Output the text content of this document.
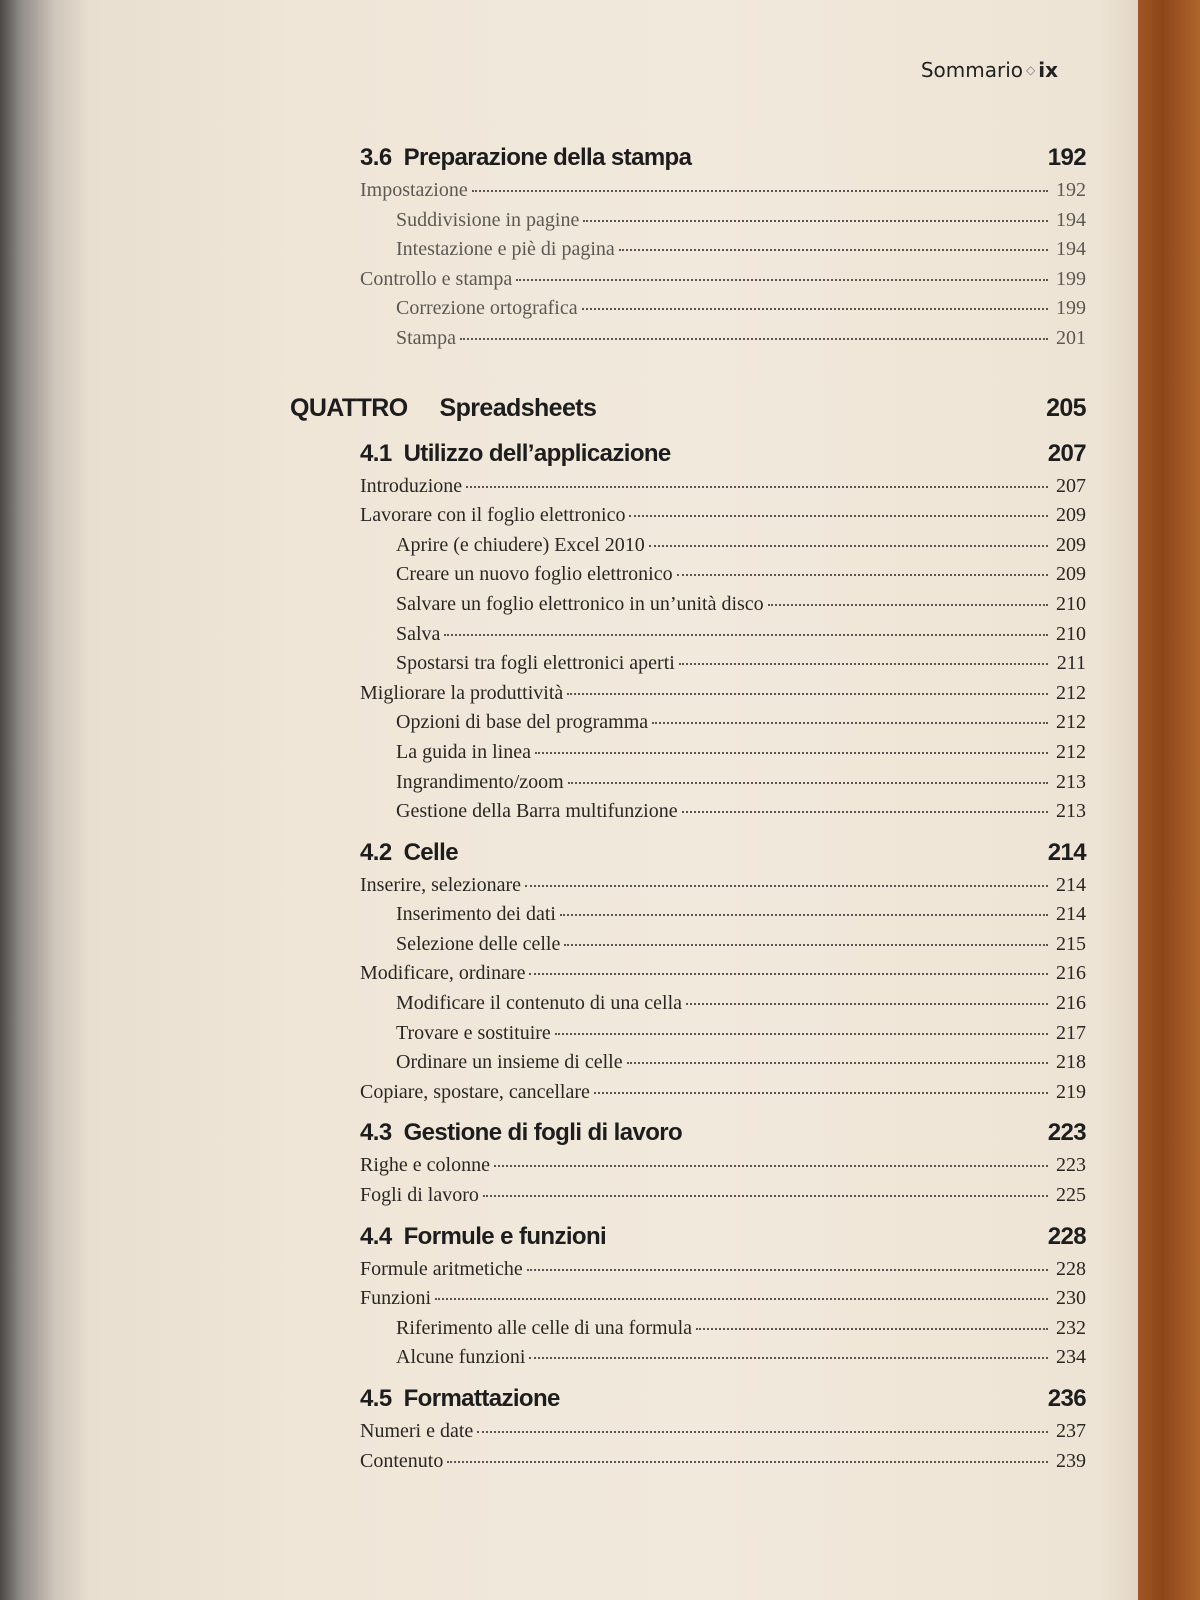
Sommario ◇ ix
3.6 Preparazione della stampa	192
Impostazione	192
Suddivisione in pagine	194
Intestazione e piè di pagina	194
Controllo e stampa	199
Correzione ortografica	199
Stampa	201
QUATTRO Spreadsheets	205
4.1 Utilizzo dell’applicazione	207
Introduzione	207
Lavorare con il foglio elettronico	209
Aprire (e chiudere) Excel 2010	209
Creare un nuovo foglio elettronico	209
Salvare un foglio elettronico in un’unità disco	210
Salva	210
Spostarsi tra fogli elettronici aperti	211
Migliorare la produttività	212
Opzioni di base del programma	212
La guida in linea	212
Ingrandimento/zoom	213
Gestione della Barra multifunzione	213
4.2 Celle	214
Inserire, selezionare	214
Inserimento dei dati	214
Selezione delle celle	215
Modificare, ordinare	216
Modificare il contenuto di una cella	216
Trovare e sostituire	217
Ordinare un insieme di celle	218
Copiare, spostare, cancellare	219
4.3 Gestione di fogli di lavoro	223
Righe e colonne	223
Fogli di lavoro	225
4.4 Formule e funzioni	228
Formule aritmetiche	228
Funzioni	230
Riferimento alle celle di una formula	232
Alcune funzioni	234
4.5 Formattazione	236
Numeri e date	237
Contenuto	239
